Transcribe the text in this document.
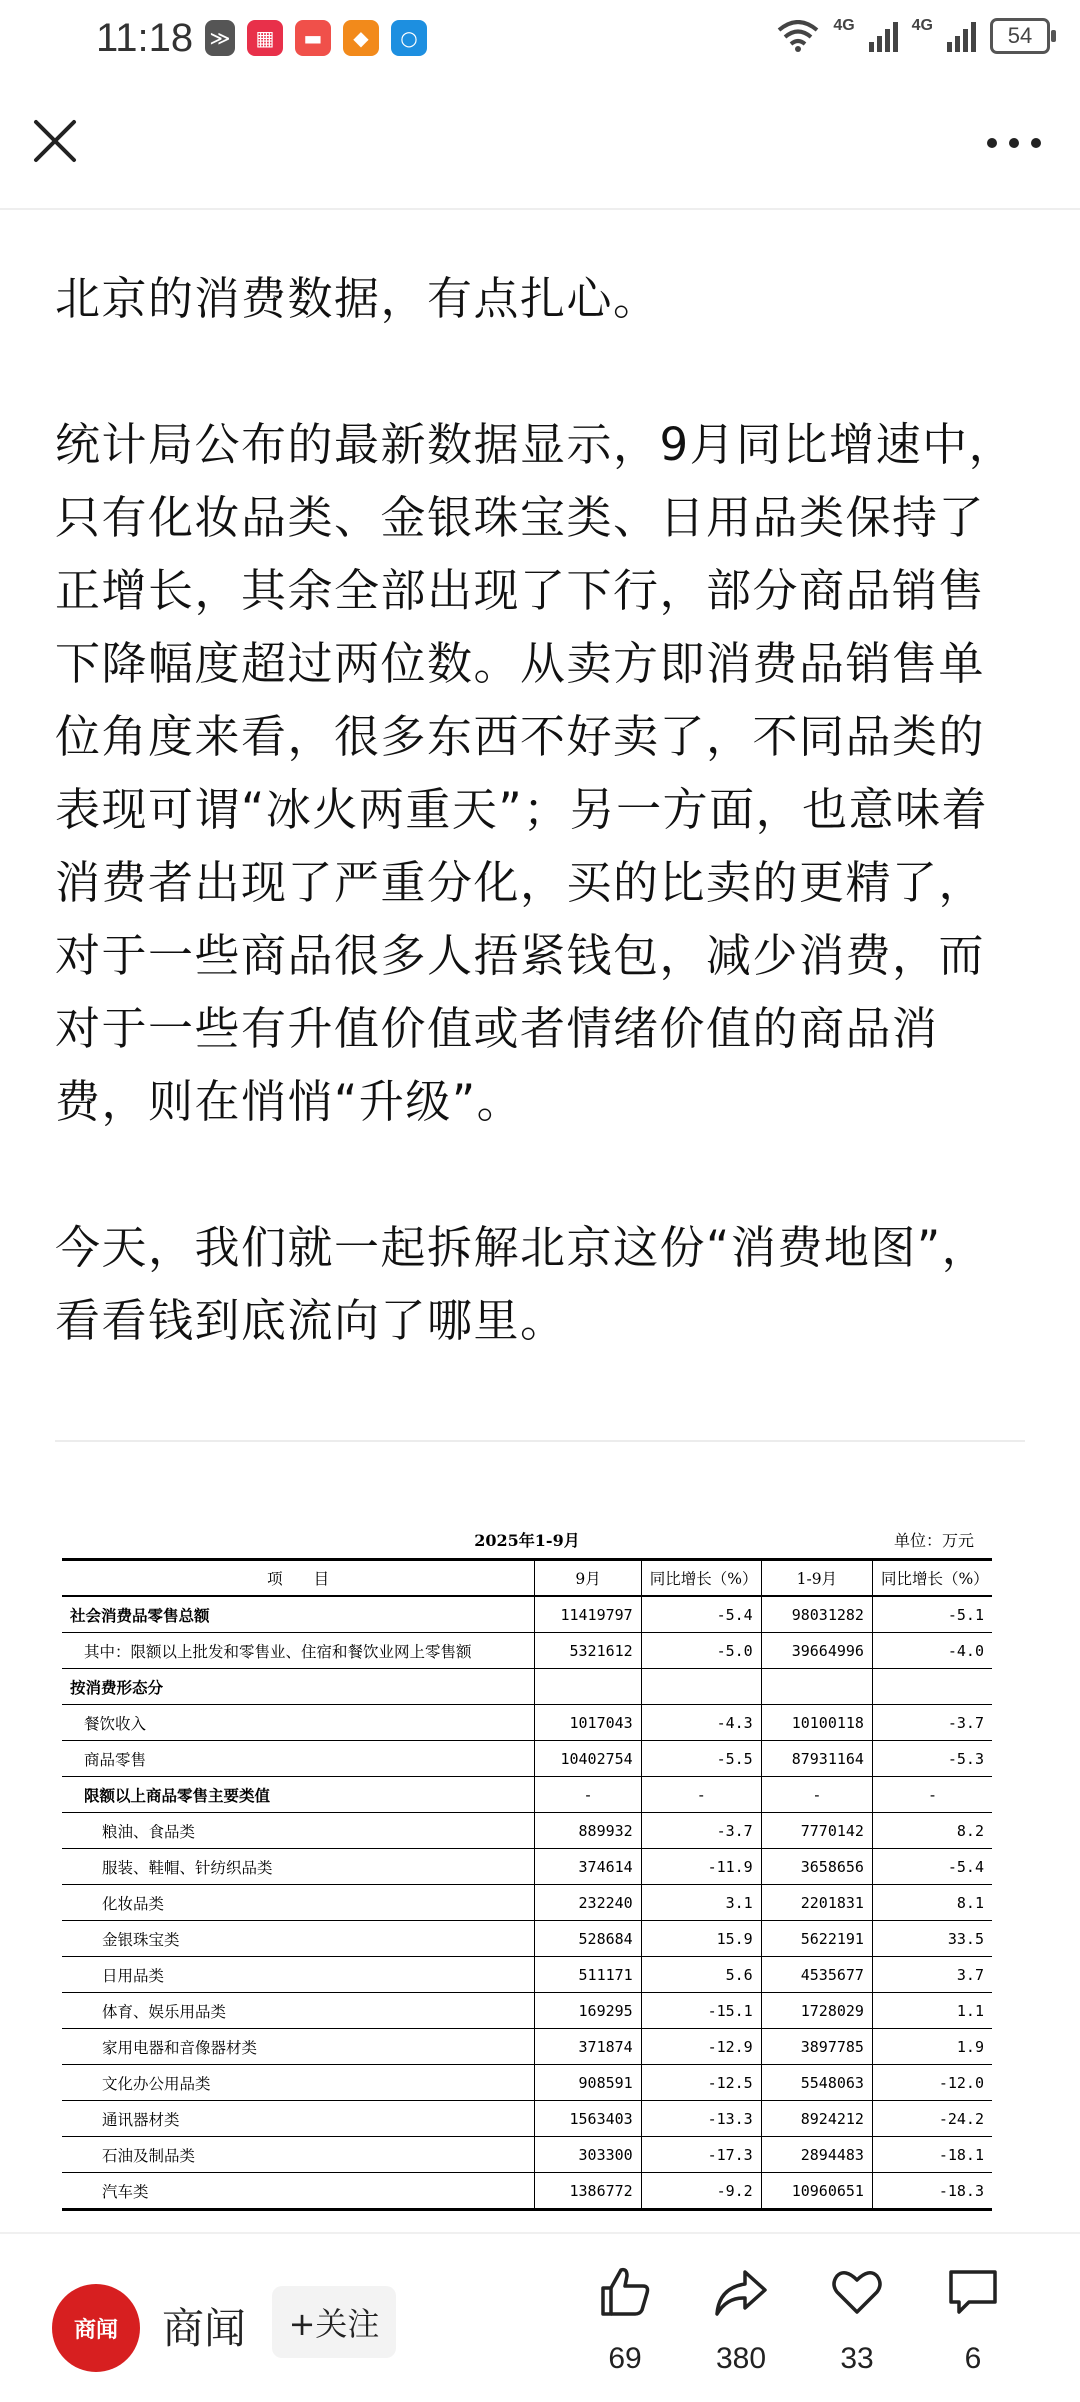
11:18 ≫	▦	▬	◆	○
4G	4G	54

北京的消费数据，有点扎心。

统计局公布的最新数据显示，9月同比增速中，只有化妆品类、金银珠宝类、日用品类保持了正增长，其余全部出现了下行，部分商品销售下降幅度超过两位数。从卖方即消费品销售单位角度来看，很多东西不好卖了，不同品类的表现可谓“冰火两重天”；另一方面，也意味着消费者出现了严重分化，买的比卖的更精了，对于一些商品很多人捂紧钱包，减少消费，而对于一些有升值价值或者情绪价值的商品消费，则在悄悄“升级”。

今天，我们就一起拆解北京这份“消费地图”，看看钱到底流向了哪里。

2025年1-9月	单位：万元
项　　目	9月	同比增长（%）	1-9月	同比增长（%）
社会消费品零售总额	11419797	-5.4	98031282	-5.1
其中：限额以上批发和零售业、住宿和餐饮业网上零售额	5321612	-5.0	39664996	-4.0
按消费形态分				
餐饮收入	1017043	-4.3	10100118	-3.7
商品零售	10402754	-5.5	87931164	-5.3
限额以上商品零售主要类值	-	-	-	-
粮油、食品类	889932	-3.7	7770142	8.2
服装、鞋帽、针纺织品类	374614	-11.9	3658656	-5.4
化妆品类	232240	3.1	2201831	8.1
金银珠宝类	528684	15.9	5622191	33.5
日用品类	511171	5.6	4535677	3.7
体育、娱乐用品类	169295	-15.1	1728029	1.1
家用电器和音像器材类	371874	-12.9	3897785	1.9
文化办公用品类	908591	-12.5	5548063	-12.0
通讯器材类	1563403	-13.3	8924212	-24.2
石油及制品类	303300	-17.3	2894483	-18.1
汽车类	1386772	-9.2	10960651	-18.3
商闻	商闻	+关注
69	380	33	6
